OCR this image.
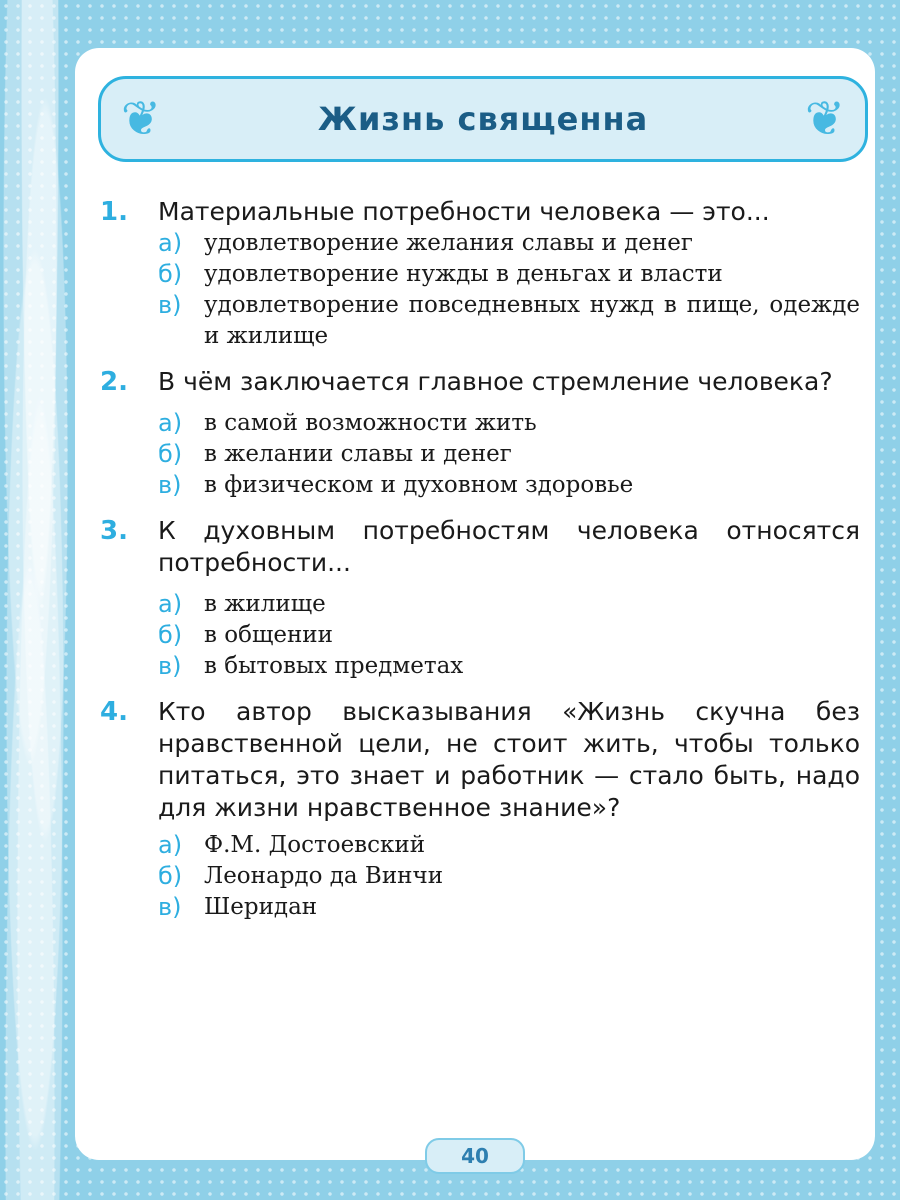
❦	Жизнь священна	❦
1.	Материальные потребности человека — это...
а) удовлетворение желания славы и денег
б) удовлетворение нужды в деньгах и власти
в) удовлетворение повседневных нужд в пище, одежде и жилище
2.	В чём заключается главное стремление человека?
а) в самой возможности жить
б) в желании славы и денег
в) в физическом и духовном здоровье
3.	К духовным потребностям человека относятся потребности...
а) в жилище
б) в общении
в) в бытовых предметах
4.	Кто автор высказывания «Жизнь скучна без нравственной цели, не стоит жить, чтобы только питаться, это знает и работник — стало быть, надо для жизни нравственное знание»?
а) Ф.М. Достоевский
б) Леонардо да Винчи
в) Шеридан
40
